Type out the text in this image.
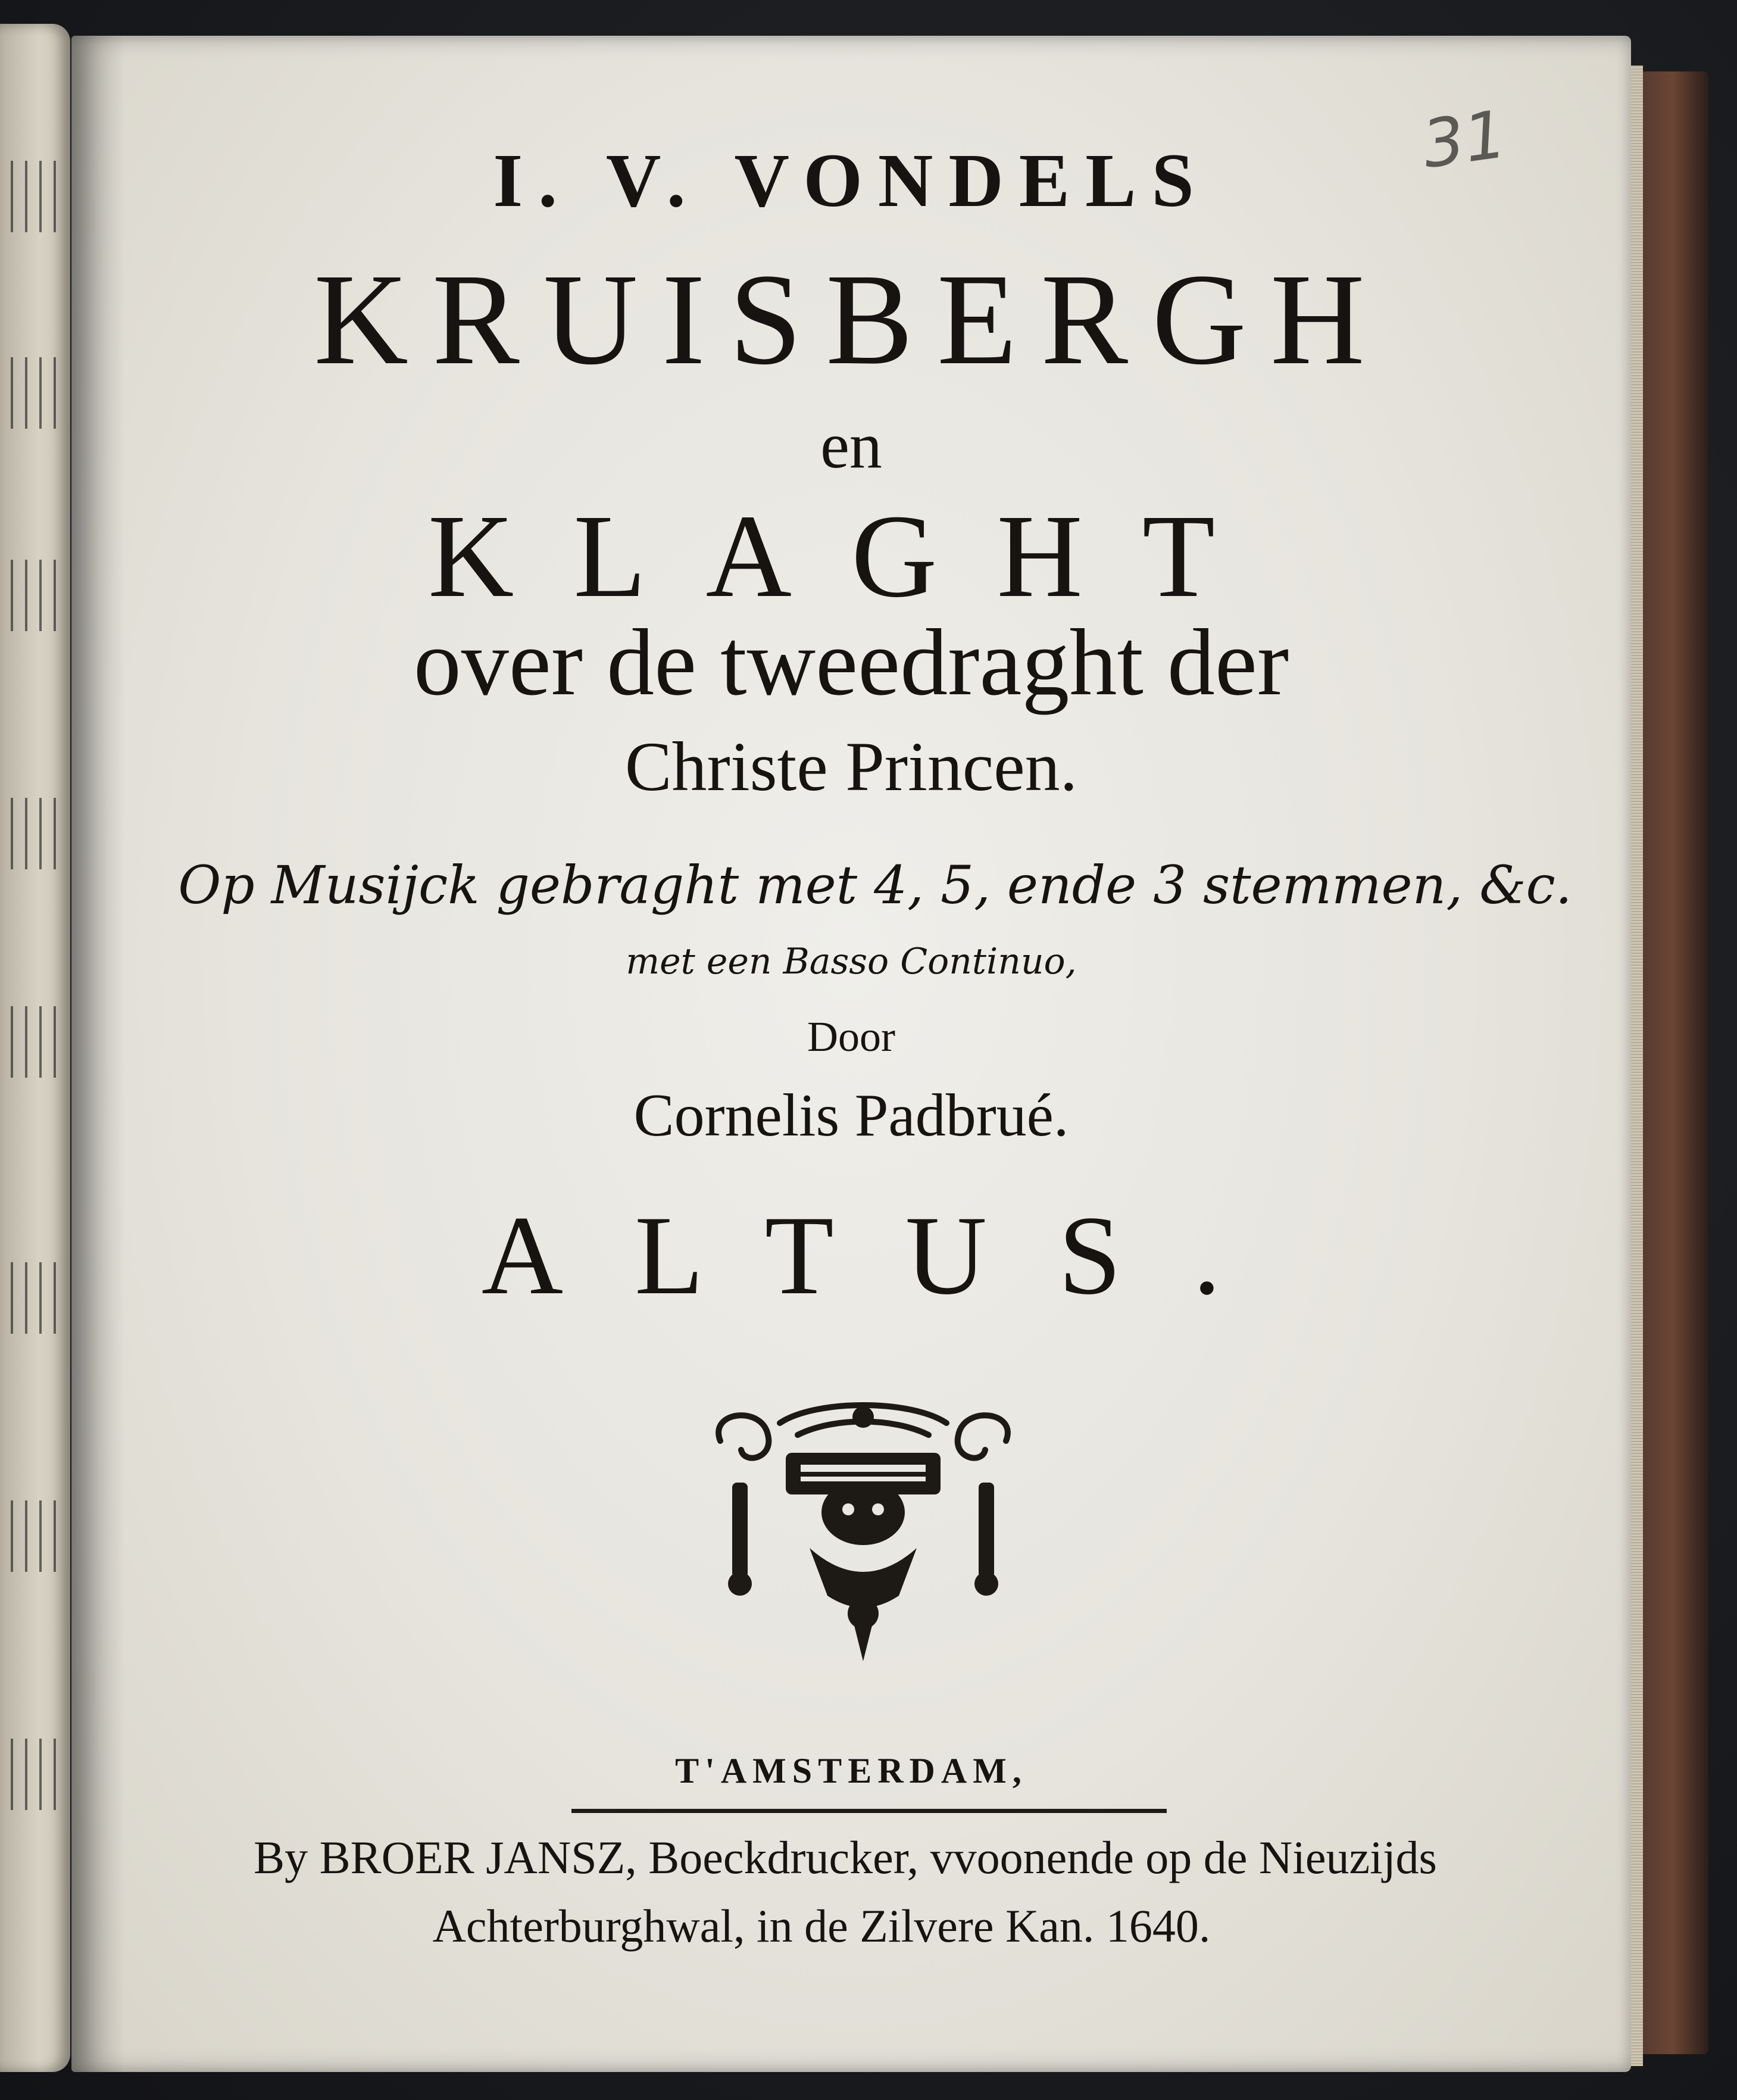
31

I. V. VONDELS

KRUISBERGH

en

KLAGHT

over de tweedraght der

Christe Princen.

Op Musijck gebraght met 4, 5, ende 3 stemmen, &c.

met een Basso Continuo,

Door

Cornelis Padbrué.

ALTUS.

T'AMSTERDAM,

By BROER JANSZ, Boeckdrucker, vvoonende op de Nieuzijds

Achterburghwal, in de Zilvere Kan. 1640.
